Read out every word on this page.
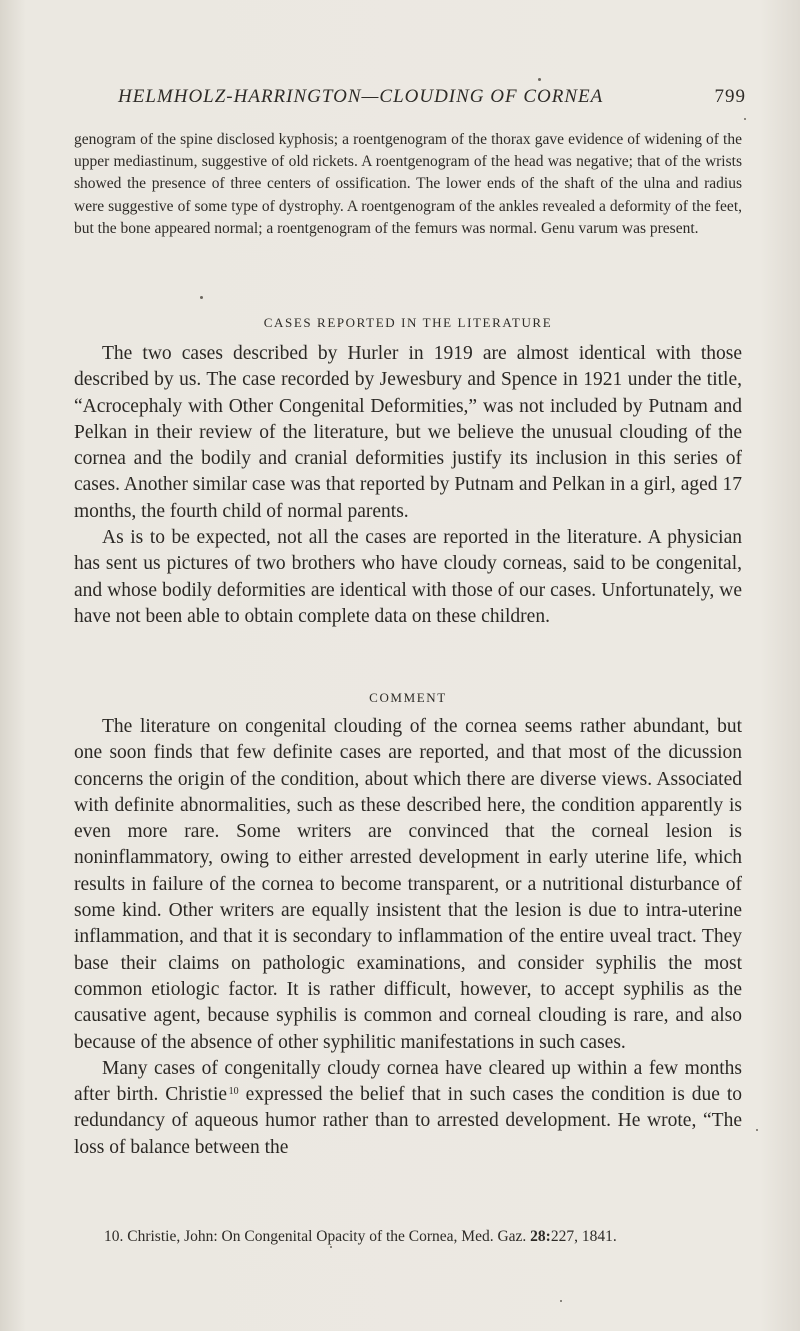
HELMHOLZ-HARRINGTON—CLOUDING OF CORNEA	799

genogram of the spine disclosed kyphosis; a roentgenogram of the thorax gave evidence of widening of the upper mediastinum, suggestive of old rickets. A roentgenogram of the head was negative; that of the wrists showed the presence of three centers of ossification. The lower ends of the shaft of the ulna and radius were suggestive of some type of dystrophy. A roentgenogram of the ankles revealed a deformity of the feet, but the bone appeared normal; a roentgenogram of the femurs was normal. Genu varum was present.

CASES REPORTED IN THE LITERATURE

The two cases described by Hurler in 1919 are almost identical with those described by us. The case recorded by Jewesbury and Spence in 1921 under the title, “Acrocephaly with Other Congenital Deformities,” was not included by Putnam and Pelkan in their review of the literature, but we believe the unusual clouding of the cornea and the bodily and cranial deformities justify its inclusion in this series of cases. Another similar case was that reported by Putnam and Pelkan in a girl, aged 17 months, the fourth child of normal parents.

As is to be expected, not all the cases are reported in the literature. A physician has sent us pictures of two brothers who have cloudy corneas, said to be congenital, and whose bodily deformities are identical with those of our cases. Unfortunately, we have not been able to obtain complete data on these children.

COMMENT

The literature on congenital clouding of the cornea seems rather abundant, but one soon finds that few definite cases are reported, and that most of the dicussion concerns the origin of the condition, about which there are diverse views. Associated with definite abnormalities, such as these described here, the condition apparently is even more rare. Some writers are convinced that the corneal lesion is noninflammatory, owing to either arrested development in early uterine life, which results in failure of the cornea to become transparent, or a nutritional disturbance of some kind. Other writers are equally insistent that the lesion is due to intra-uterine inflammation, and that it is secondary to inflammation of the entire uveal tract. They base their claims on pathologic examinations, and consider syphilis the most common etiologic factor. It is rather difficult, however, to accept syphilis as the causative agent, because syphilis is common and corneal clouding is rare, and also because of the absence of other syphilitic manifestations in such cases.

Many cases of congenitally cloudy cornea have cleared up within a few months after birth. Christie  $^{10}$ expressed the belief that in such cases the condition is due to redundancy of aqueous humor rather than to arrested development. He wrote, “The loss of balance between the

10. Christie, John: On Congenital Opacity of the Cornea, Med. Gaz. 28:227, 1841.
